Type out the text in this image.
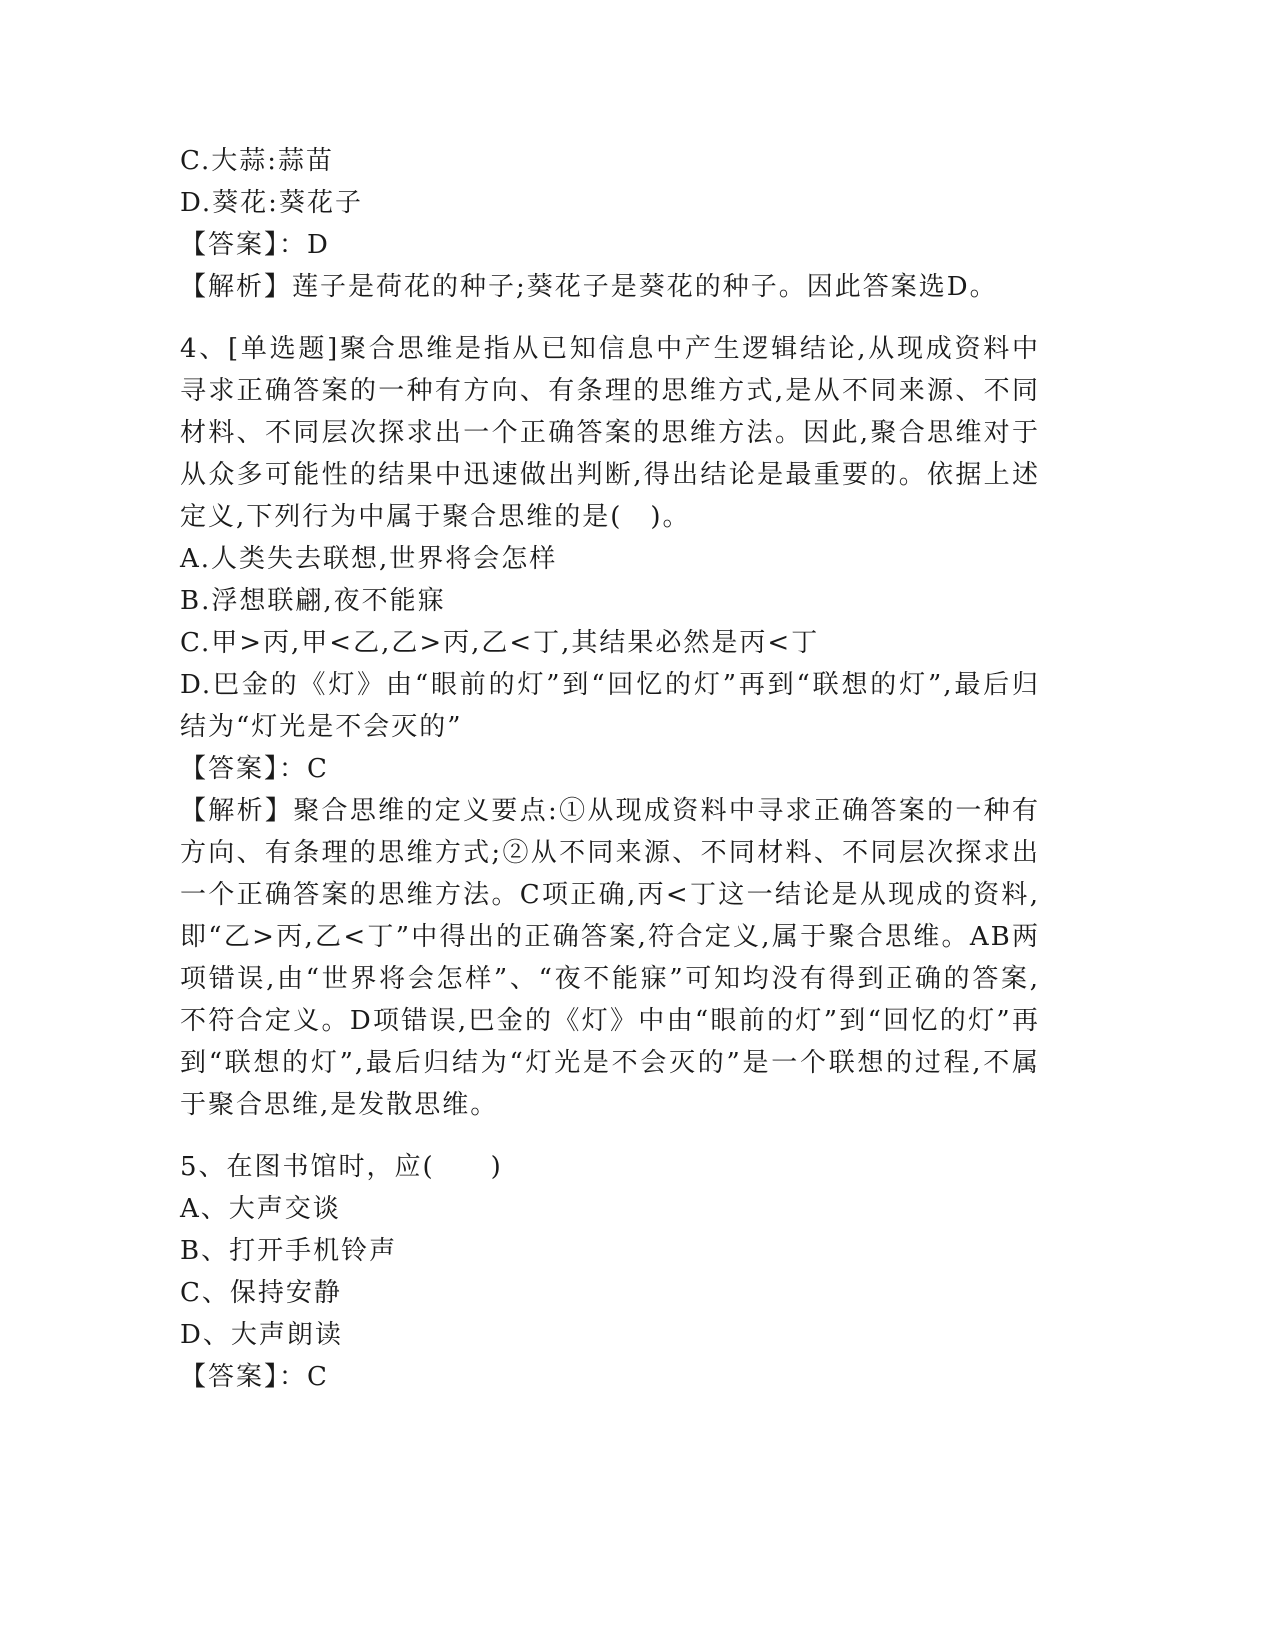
C.大蒜:蒜苗
D.葵花:葵花子
【答案】：D
【解析】莲子是荷花的种子;葵花子是葵花的种子。因此答案选D。
4、[单选题]聚合思维是指从已知信息中产生逻辑结论,从现成资料中寻求正确答案的一种有方向、有条理的思维方式,是从不同来源、不同材料、不同层次探求出一个正确答案的思维方法。因此,聚合思维对于从众多可能性的结果中迅速做出判断,得出结论是最重要的。依据上述定义,下列行为中属于聚合思维的是(　)。
A.人类失去联想,世界将会怎样
B.浮想联翩,夜不能寐
C.甲>丙,甲<乙,乙>丙,乙<丁,其结果必然是丙<丁
D.巴金的《灯》由“眼前的灯”到“回忆的灯”再到“联想的灯”,最后归结为“灯光是不会灭的”
【答案】：C
【解析】聚合思维的定义要点:①从现成资料中寻求正确答案的一种有方向、有条理的思维方式;②从不同来源、不同材料、不同层次探求出一个正确答案的思维方法。C项正确,丙<丁这一结论是从现成的资料,即“乙>丙,乙<丁”中得出的正确答案,符合定义,属于聚合思维。AB两项错误,由“世界将会怎样”、“夜不能寐”可知均没有得到正确的答案,不符合定义。D项错误,巴金的《灯》中由“眼前的灯”到“回忆的灯”再到“联想的灯”,最后归结为“灯光是不会灭的”是一个联想的过程,不属于聚合思维,是发散思维。
5、在图书馆时，应(　　)
A、大声交谈
B、打开手机铃声
C、保持安静
D、大声朗读
【答案】：C
